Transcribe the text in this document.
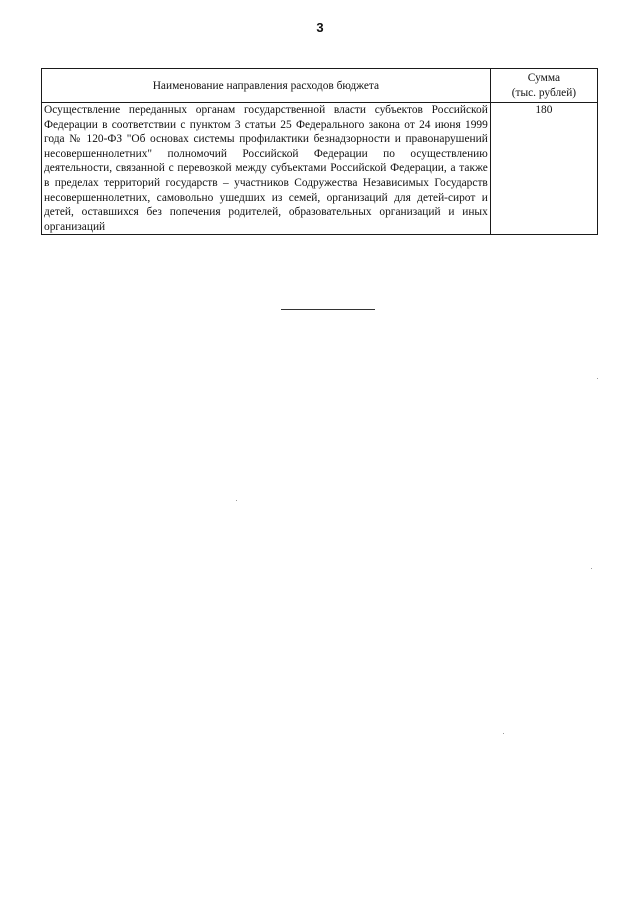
3
Наименование направления расходов бюджета	Сумма
(тыс. рублей)

Осуществление переданных органам государственной власти субъектов Российской Федерации в соответствии с пунктом 3 статьи 25 Федерального закона от 24 июня 1999 года № 120-ФЗ "Об основах системы профилактики безнадзорности и правонарушений несовершеннолетних" полномочий Российской Федерации по осуществлению деятельности, связанной с перевозкой между субъектами Российской Федерации, а также в пределах территорий государств – участников Содружества Независимых Государств несовершеннолетних, самовольно ушедших из семей, организаций для детей-сирот и детей, оставшихся без попечения родителей, образовательных организаций и иных организаций	180
